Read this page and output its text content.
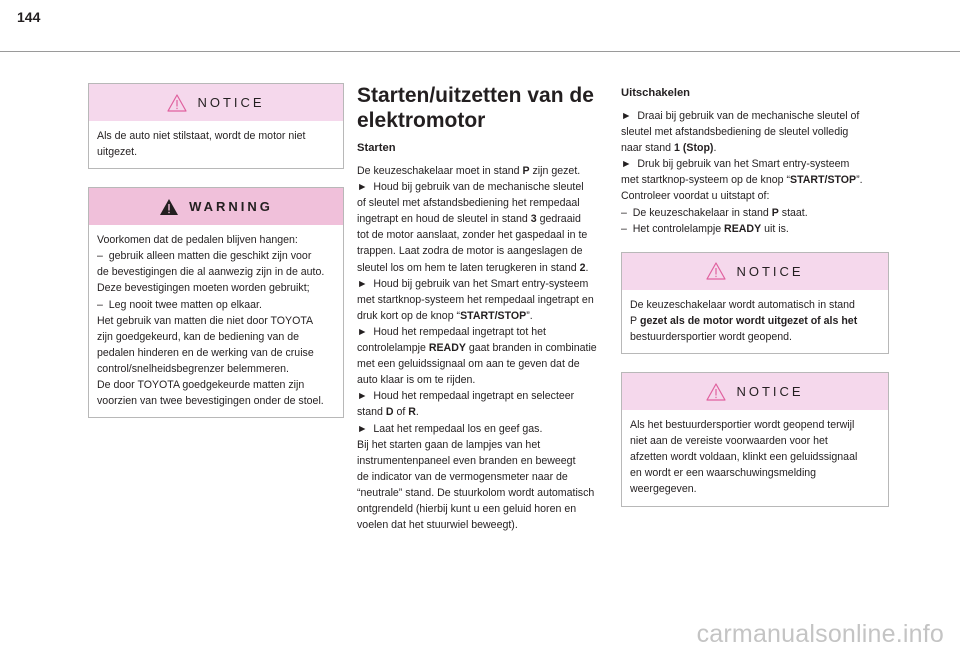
144
NOTICE
Als de auto niet stilstaat, wordt de motor niet
uitgezet.
WARNING
Voorkomen dat de pedalen blijven hangen:
–  gebruik alleen matten die geschikt zijn voor
de bevestigingen die al aanwezig zijn in de auto.
Deze bevestigingen moeten worden gebruikt;
–  Leg nooit twee matten op elkaar.
Het gebruik van matten die niet door TOYOTA
zijn goedgekeurd, kan de bediening van de
pedalen hinderen en de werking van de cruise
control/snelheidsbegrenzer belemmeren.
De door TOYOTA goedgekeurde matten zijn
voorzien van twee bevestigingen onder de stoel.
Starten/uitzetten van de
elektromotor
Starten
De keuzeschakelaar moet in stand P zijn gezet.
►  Houd bij gebruik van de mechanische sleutel
of sleutel met afstandsbediening het rempedaal
ingetrapt en houd de sleutel in stand 3 gedraaid
tot de motor aanslaat, zonder het gaspedaal in te
trappen. Laat zodra de motor is aangeslagen de
sleutel los om hem te laten terugkeren in stand 2.
►  Houd bij gebruik van het Smart entry-systeem
met startknop-systeem het rempedaal ingetrapt en
druk kort op de knop “START/STOP”.
►  Houd het rempedaal ingetrapt tot het
controlelampje READY gaat branden in combinatie
met een geluidssignaal om aan te geven dat de
auto klaar is om te rijden.
►  Houd het rempedaal ingetrapt en selecteer
stand D of R.
►  Laat het rempedaal los en geef gas.
Bij het starten gaan de lampjes van het
instrumentenpaneel even branden en beweegt
de indicator van de vermogensmeter naar de
“neutrale” stand. De stuurkolom wordt automatisch
ontgrendeld (hierbij kunt u een geluid horen en
voelen dat het stuurwiel beweegt).
Uitschakelen
►  Draai bij gebruik van de mechanische sleutel of
sleutel met afstandsbediening de sleutel volledig
naar stand 1 (Stop).
►  Druk bij gebruik van het Smart entry-systeem
met startknop-systeem op de knop “START/STOP”.
Controleer voordat u uitstapt of:
–  De keuzeschakelaar in stand P staat.
–  Het controlelampje READY uit is.
NOTICE
De keuzeschakelaar wordt automatisch in stand
P gezet als de motor wordt uitgezet of als het
bestuurdersportier wordt geopend.
NOTICE
Als het bestuurdersportier wordt geopend terwijl
niet aan de vereiste voorwaarden voor het
afzetten wordt voldaan, klinkt een geluidssignaal
en wordt er een waarschuwingsmelding
weergegeven.
carmanualsonline.info
